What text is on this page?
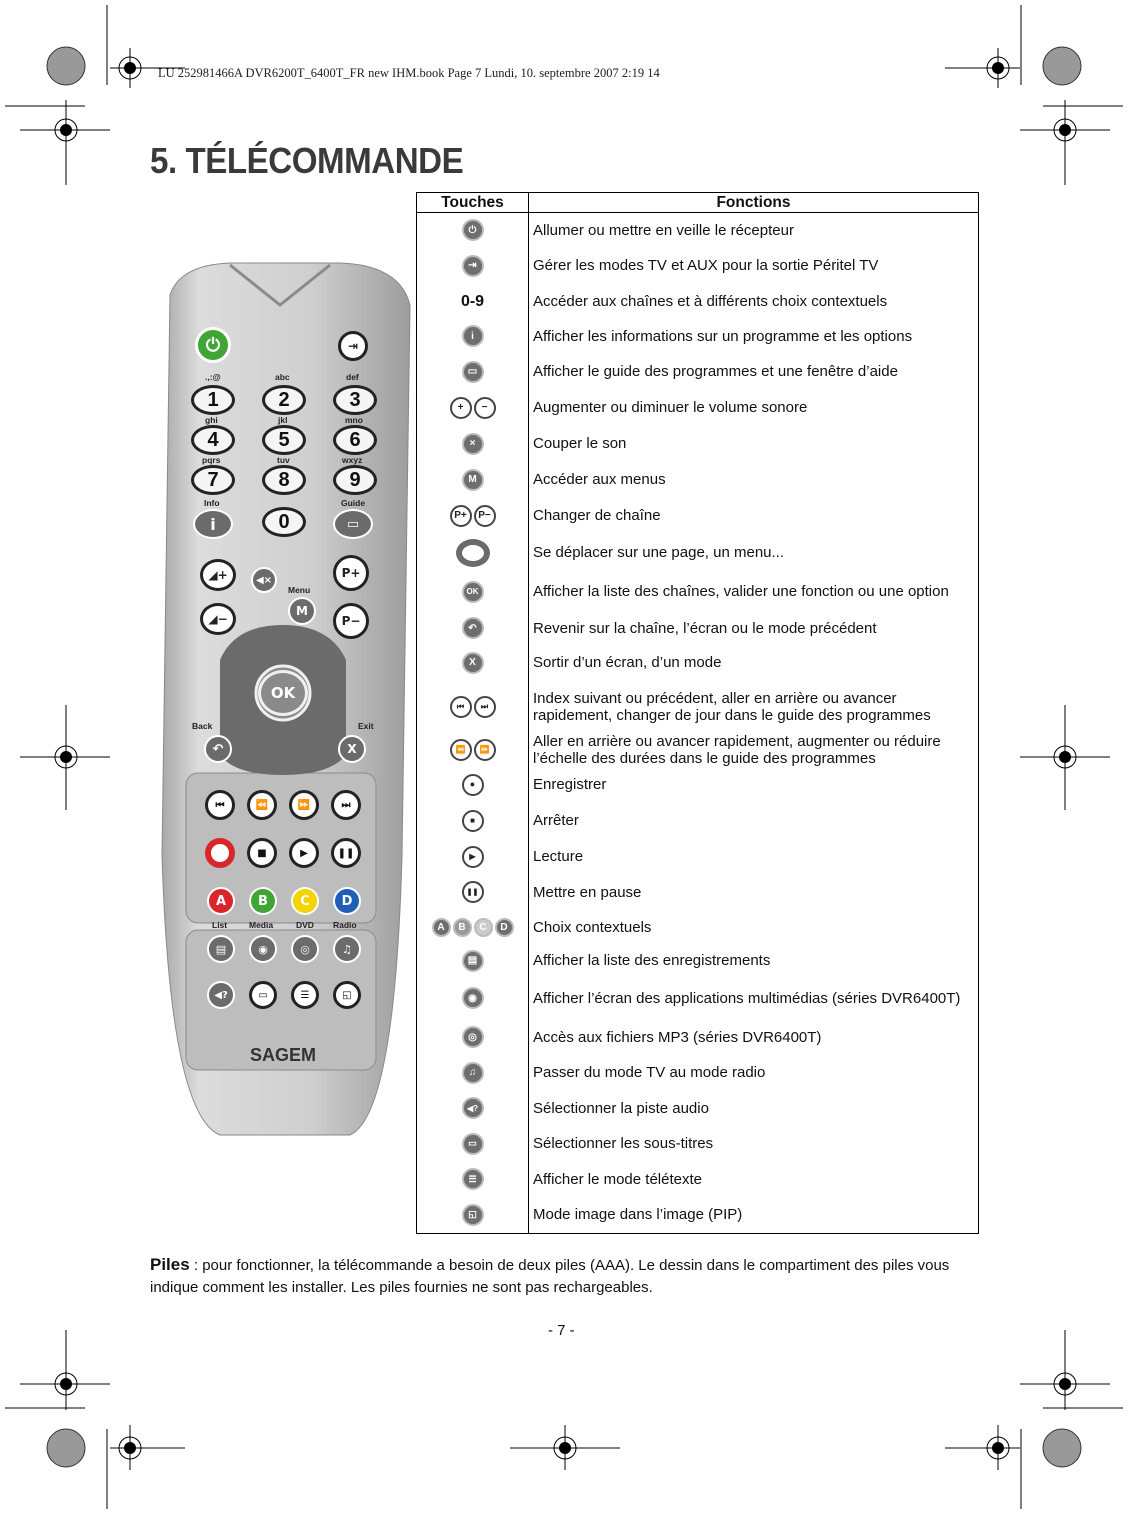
LU 252981466A DVR6200T_6400T_FR new IHM.book Page 7 Lundi, 10. septembre 2007 2:19 14
5. TÉLÉCOMMANDE
⏻	⇥
1	2	3
4	5	6
7	8	9
0
.,:@	abc	def
ghi	jkl	mno
pqrs	tuv	wxyz
Info	Guide
i	▭
◢+
◢−
◀×
Menu
M
P+
P−
OK
Back	Exit
↶	X
⏮	⏪	⏩	⏭
■	▶	❚❚
A	B	C	D
List	Media	DVD Radio
▤	◉	◎	♫
◀?	▭	☰	◱
SAGEM
Touches	Fonctions
⏻	Allumer ou mettre en veille le récepteur
⇥	Gérer les modes TV et AUX pour la sortie Péritel TV
0-9	Accéder aux chaînes et à différents choix contextuels
i	Afficher les informations sur un programme et les options
▭	Afficher le guide des programmes et une fenêtre d’aide
+ −	Augmenter ou diminuer le volume sonore
×	Couper le son
M	Accéder aux menus
P+ P−	Changer de chaîne
	Se déplacer sur une page, un menu...
OK	Afficher la liste des chaînes, valider une fonction ou une option
↶	Revenir sur la chaîne, l’écran ou le mode précédent
X	Sortir d’un écran, d’un mode
⏮ ⏭	Index suivant ou précédent, aller en arrière ou avancer rapidement, changer de jour dans le guide des programmes
⏪ ⏩	Aller en arrière ou avancer rapidement, augmenter ou réduire l’échelle des durées dans le guide des programmes
●	Enregistrer
■	Arrêter
▶	Lecture
❚❚	Mettre en pause
A B C D	Choix contextuels
▤	Afficher la liste des enregistrements
◉	Afficher l’écran des applications multimédias (séries DVR6400T)
◎	Accès aux fichiers MP3 (séries DVR6400T)
♫	Passer du mode TV au mode radio
◀?	Sélectionner la piste audio
▭	Sélectionner les sous-titres
☰	Afficher le mode télétexte
◱	Mode image dans l’image (PIP)
Piles : pour fonctionner, la télécommande a besoin de deux piles (AAA). Le dessin dans le compartiment des piles vous indique comment les installer. Les piles fournies ne sont pas rechargeables.
- 7 -
